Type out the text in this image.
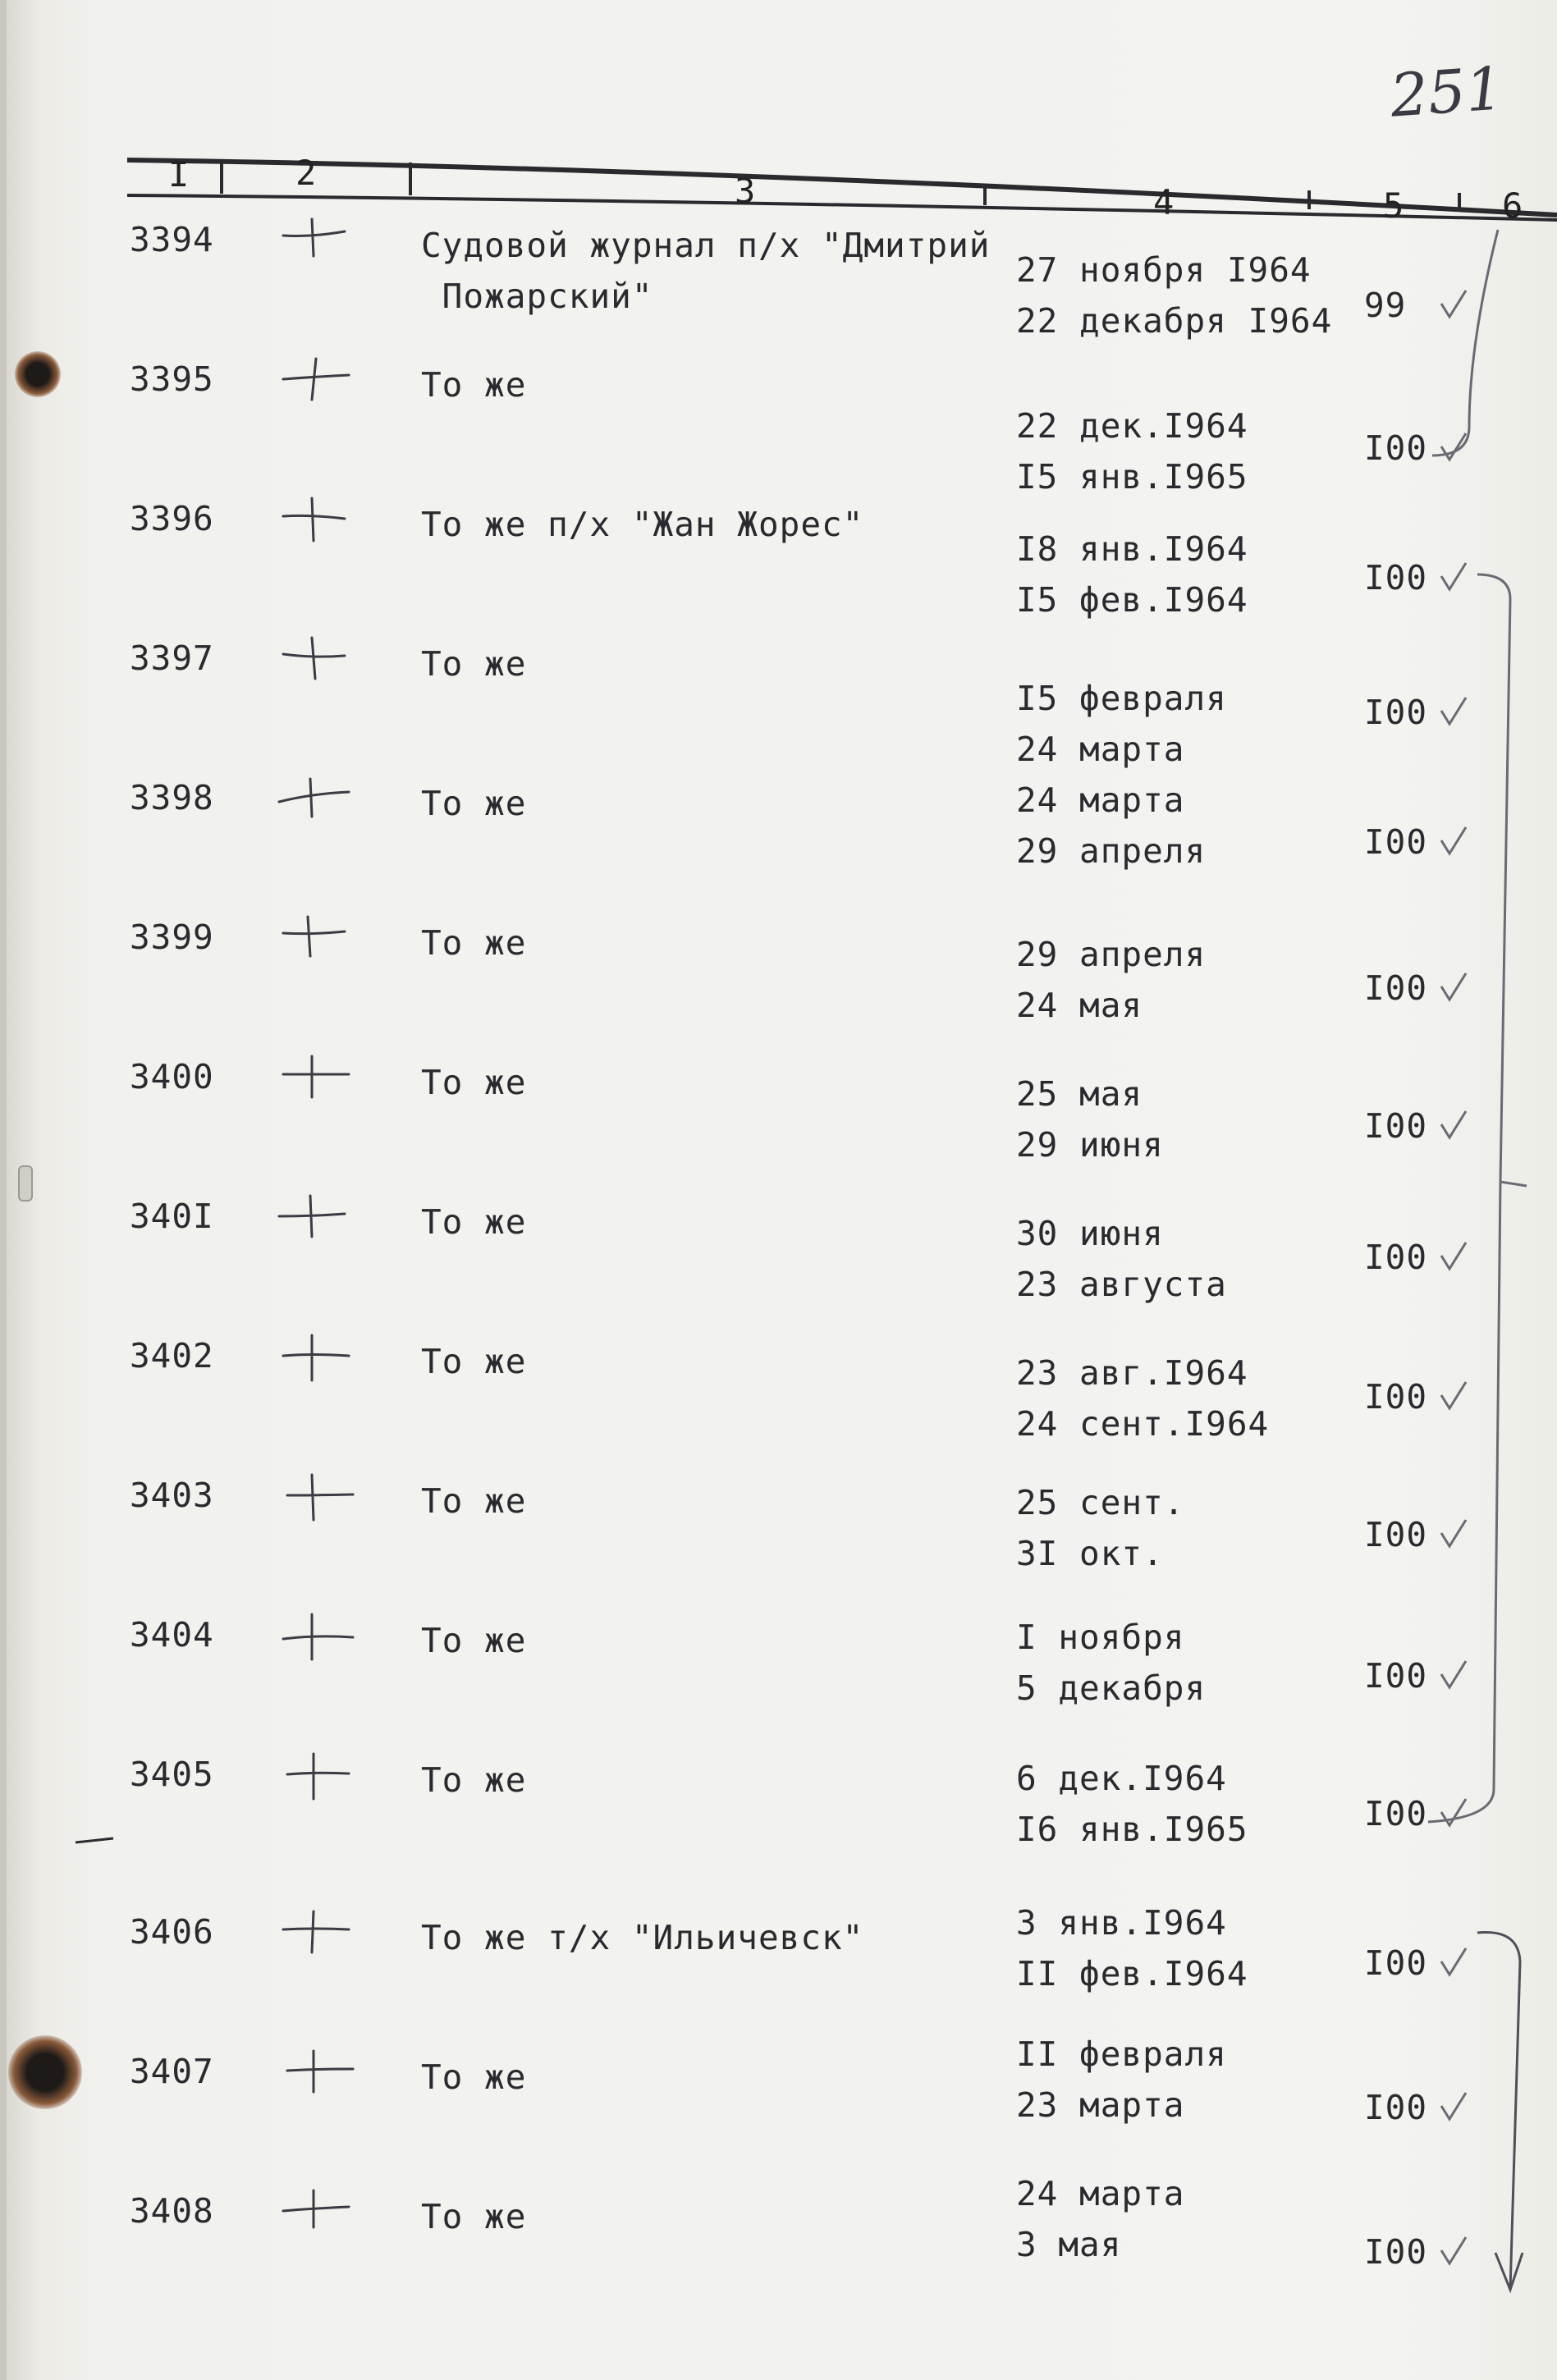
251
I	2	3	4	5	6
3394	Судовой журнал п/х "Дмитрий
Пожарский"
27 ноября I964
22 декабря I964 99
3395	То же
22 дек.I964
I5 янв.I965
I00
3396	То же п/х "Жан Жорес"
I8 янв.I964
I5 фев.I964
I00
3397	То же
I5 февраля
24 марта
I00
3398	То же	24 марта
29 апреля	I00
3399	То же	29 апреля
24 мая	I00
3400	То же	25 мая
29 июня	I00
340I	То же	30 июня
23 августа
I00
3402	То же	23 авг.I964
24 сент.I964
I00
3403	То же	25 сент.
3I окт.	I00
3404	То же	I ноября
5 декабря	I00
3405	То же	6 дек.I964
I6 янв.I965	I00
3406	То же т/х "Ильичевск"	3 янв.I964
II фев.I964	I00
3407	То же
II февраля
23 марта	I00
3408	То же
24 марта
3 мая	I00
